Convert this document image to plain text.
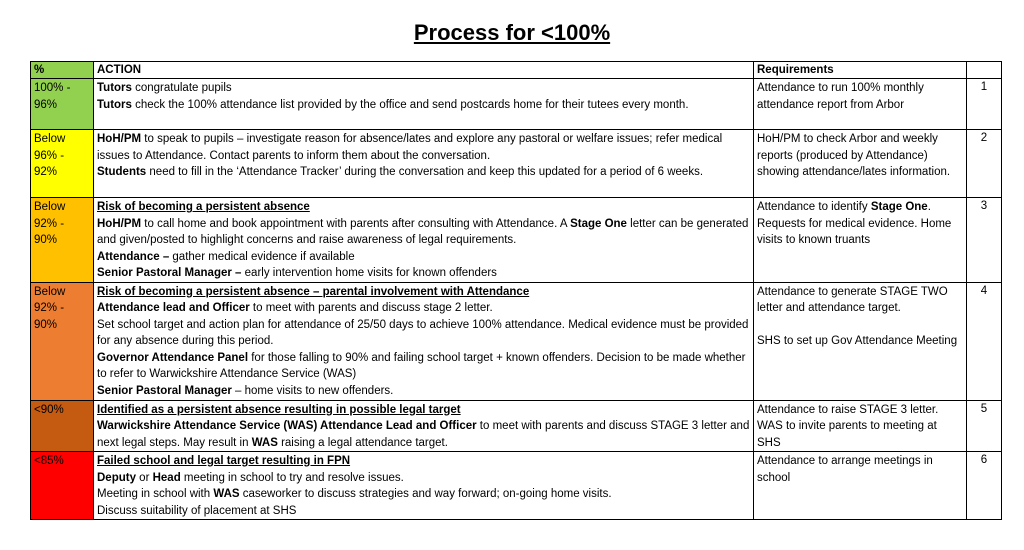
Process for <100%
%	ACTION	Requirements	
100% - 96%	Tutors congratulate pupils
Tutors check the 100% attendance list provided by the office and send postcards home for their tutees every month.	Attendance to run 100% monthly attendance report from Arbor	1
Below 96% - 92%	HoH/PM to speak to pupils – investigate reason for absence/lates and explore any pastoral or welfare issues; refer medical issues to Attendance. Contact parents to inform them about the conversation.
Students need to fill in the ‘Attendance Tracker’ during the conversation and keep this updated for a period of 6 weeks.	HoH/PM to check Arbor and weekly reports (produced by Attendance) showing attendance/lates information.	2
Below 92% - 90%	Risk of becoming a persistent absence
HoH/PM to call home and book appointment with parents after consulting with Attendance. A Stage One letter can be generated and given/posted to highlight concerns and raise awareness of legal requirements.
Attendance – gather medical evidence if available
Senior Pastoral Manager – early intervention home visits for known offenders	Attendance to identify Stage One. Requests for medical evidence. Home visits to known truants	3
Below 92% - 90%	Risk of becoming a persistent absence – parental involvement with Attendance
Attendance lead and Officer to meet with parents and discuss stage 2 letter.
Set school target and action plan for attendance of 25/50 days to achieve 100% attendance. Medical evidence must be provided for any absence during this period.
Governor Attendance Panel for those falling to 90% and failing school target + known offenders. Decision to be made whether to refer to Warwickshire Attendance Service (WAS)
Senior Pastoral Manager – home visits to new offenders.	Attendance to generate STAGE TWO letter and attendance target.
SHS to set up Gov Attendance Meeting	4
<90%	Identified as a persistent absence resulting in possible legal target
Warwickshire Attendance Service (WAS) Attendance Lead and Officer to meet with parents and discuss STAGE 3 letter and next legal steps. May result in WAS raising a legal attendance target.	Attendance to raise STAGE 3 letter. WAS to invite parents to meeting at SHS	5
<85%	Failed school and legal target resulting in FPN
Deputy or Head meeting in school to try and resolve issues.
Meeting in school with WAS caseworker to discuss strategies and way forward; on-going home visits.
Discuss suitability of placement at SHS	Attendance to arrange meetings in school	6
